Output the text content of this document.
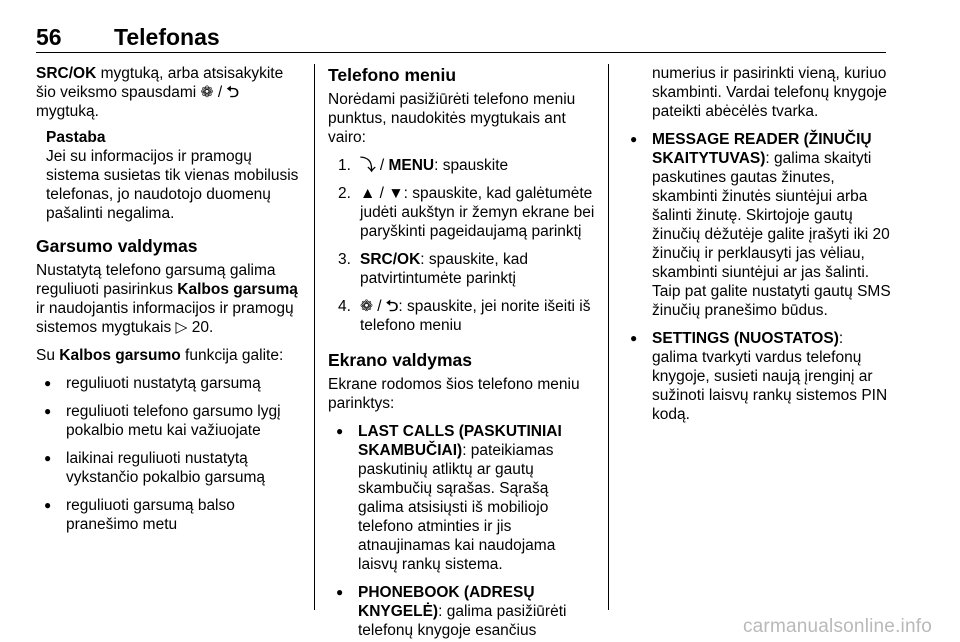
56 Telefonas

SRC/OK mygtuką, arba atsisakykite šio veiksmo spausdami ❁ / ⮌ mygtuką.

Pastaba

Jei su informacijos ir pramogų sistema susietas tik vienas mobilusis telefonas, jo naudotojo duomenų pašalinti negalima.

Garsumo valdymas

Nustatytą telefono garsumą galima reguliuoti pasirinkus Kalbos garsumą ir naudojantis informacijos ir pramogų sistemos mygtukais ▷ 20.

Su Kalbos garsumo funkcija galite:

● reguliuoti nustatytą garsumą
● reguliuoti telefono garsumo lygį pokalbio metu kai važiuojate
● laikinai reguliuoti nustatytą vykstančio pokalbio garsumą
● reguliuoti garsumą balso pranešimo metu
Telefono meniu

Norėdami pasižiūrėti telefono meniu punktus, naudokitės mygtukais ant vairo:

1. ⤵ / MENU: spauskite
2. ▲ / ▼: spauskite, kad galėtumėte judėti aukštyn ir žemyn ekrane bei paryškinti pageidaujamą parinktį
3. SRC/OK: spauskite, kad patvirtintumėte parinktį
4. ❁ / ⮌: spauskite, jei norite išeiti iš telefono meniu
Ekrano valdymas

Ekrane rodomos šios telefono meniu parinktys:

● LAST CALLS (PASKUTINIAI SKAMBUČIAI): pateikiamas paskutinių atliktų ar gautų skambučių sąrašas. Sąrašą galima atsisiųsti iš mobiliojo telefono atminties ir jis atnaujinamas kai naudojama laisvų rankų sistema.
● PHONEBOOK (ADRESŲ KNYGELĖ): galima pasižiūrėti telefonų knygoje esančius

numerius ir pasirinkti vieną, kuriuo skambinti. Vardai telefonų knygoje pateikti abėcėlės tvarka.

● MESSAGE READER (ŽINUČIŲ SKAITYTUVAS): galima skaityti paskutines gautas žinutes, skambinti žinutės siuntėjui arba šalinti žinutę. Skirtojoje gautų žinučių dėžutėje galite įrašyti iki 20 žinučių ir perklausyti jas vėliau, skambinti siuntėjui ar jas šalinti. Taip pat galite nustatyti gautų SMS žinučių pranešimo būdus.
● SETTINGS (NUOSTATOS): galima tvarkyti vardus telefonų knygoje, susieti naują įrenginį ar sužinoti laisvų rankų sistemos PIN kodą.
carmanualsonline.info
